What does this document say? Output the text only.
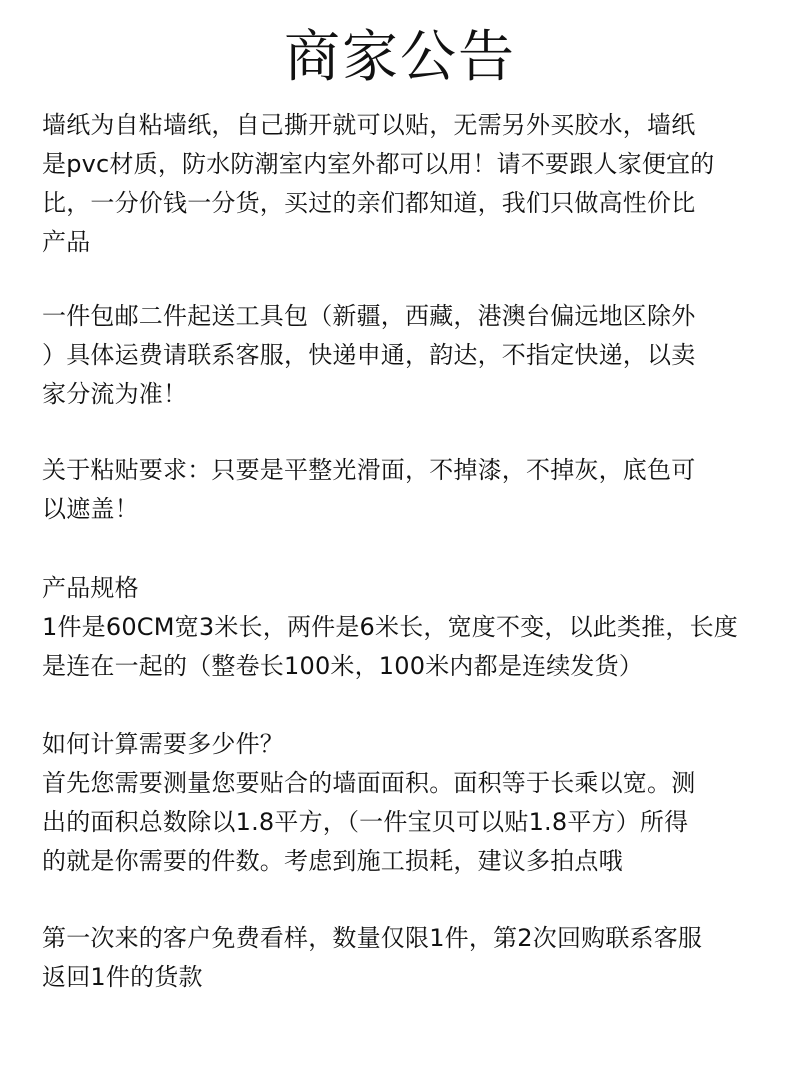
商家公告

墙纸为自粘墙纸，自己撕开就可以贴，无需另外买胶水，墙纸
是pvc材质，防水防潮室内室外都可以用！请不要跟人家便宜的
比，一分价钱一分货，买过的亲们都知道，我们只做高性价比
产品

一件包邮二件起送工具包（新疆，西藏，港澳台偏远地区除外
）具体运费请联系客服，快递申通，韵达，不指定快递，以卖
家分流为准！

关于粘贴要求：只要是平整光滑面，不掉漆，不掉灰，底色可
以遮盖！

产品规格
1件是60CM宽3米长，两件是6米长，宽度不变，以此类推，长度
是连在一起的（整卷长100米，100米内都是连续发货）

如何计算需要多少件？
首先您需要测量您要贴合的墙面面积。面积等于长乘以宽。测
出的面积总数除以1.8平方，（一件宝贝可以贴1.8平方）所得
的就是你需要的件数。考虑到施工损耗，建议多拍点哦

第一次来的客户免费看样，数量仅限1件，第2次回购联系客服
返回1件的货款
